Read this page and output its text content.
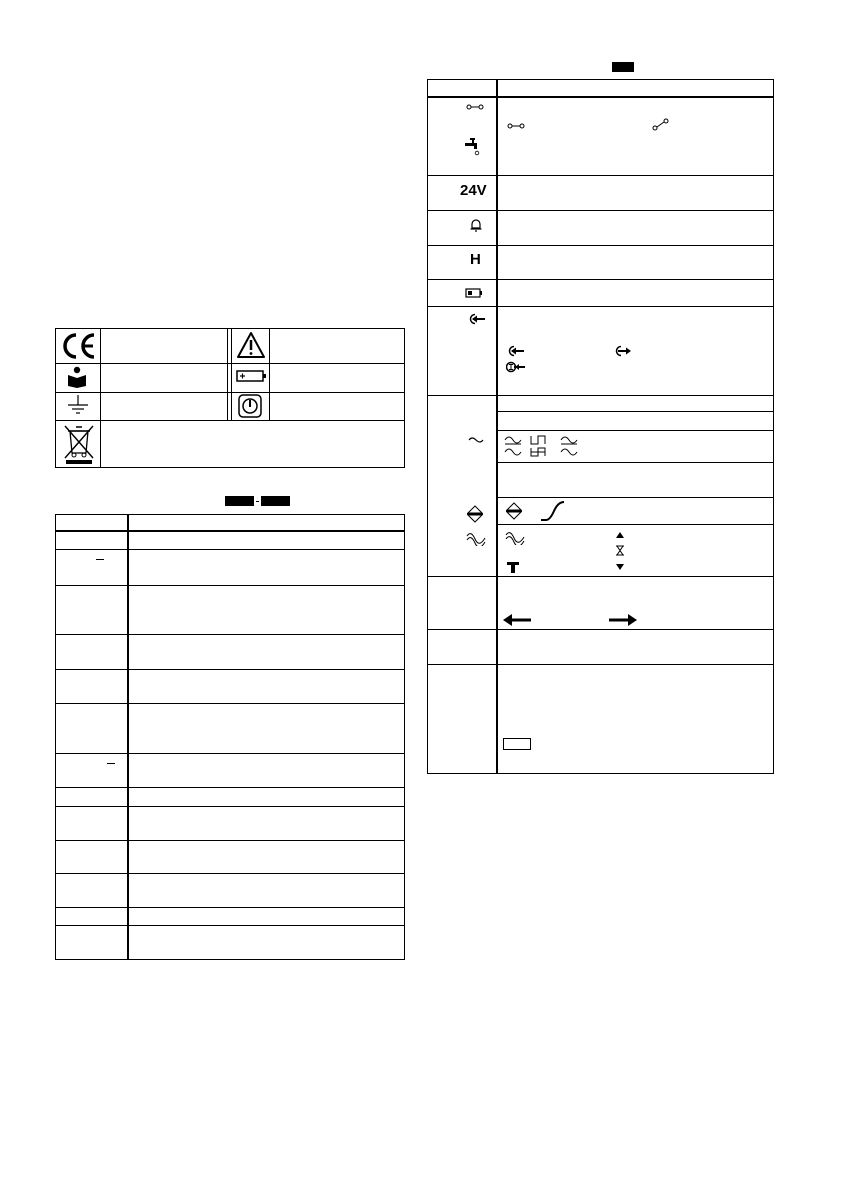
24V
H
